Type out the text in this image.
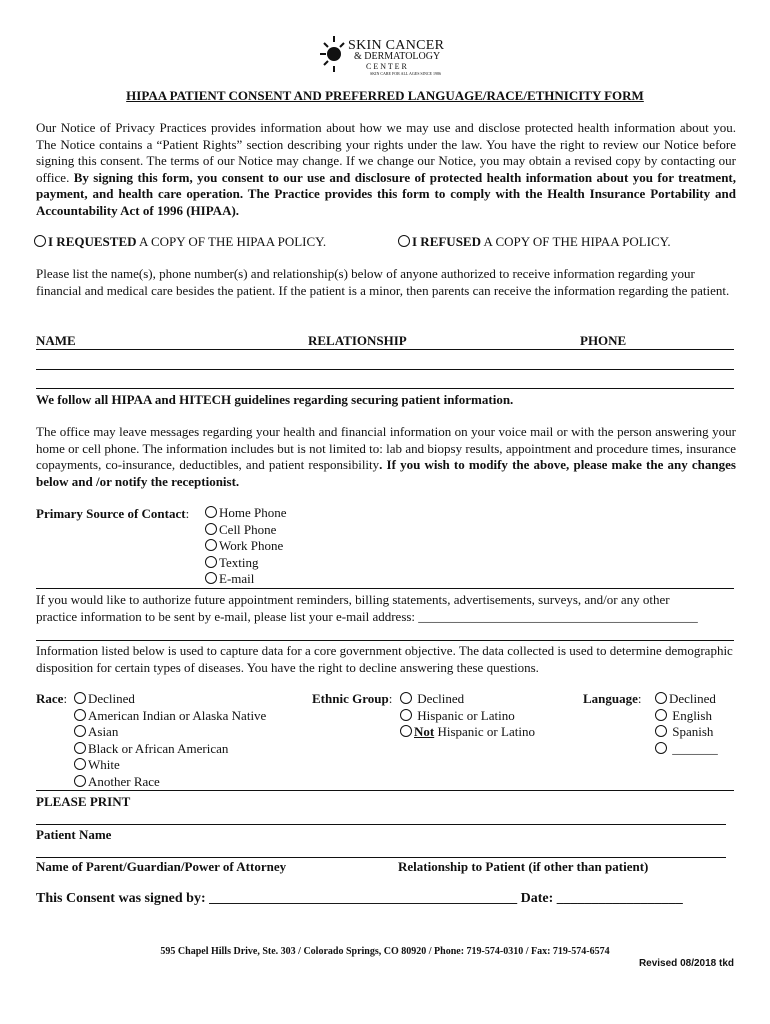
SKIN CANCER
& DERMATOLOGY
C E N T E R
SKIN CARE FOR ALL AGES SINCE 1986
HIPAA PATIENT CONSENT AND PREFERRED LANGUAGE/RACE/ETHNICITY FORM
Our Notice of Privacy Practices provides information about how we may use and disclose protected health information about you. The Notice contains a “Patient Rights” section describing your rights under the law. You have the right to review our Notice before signing this consent. The terms of our Notice may change. If we change our Notice, you may obtain a revised copy by contacting our office. By signing this form, you consent to our use and disclosure of protected health information about you for treatment, payment, and health care operation. The Practice provides this form to comply with the Health Insurance Portability and Accountability Act of 1996 (HIPAA).
I REQUESTED A COPY OF THE HIPAA POLICY.	I REFUSED A COPY OF THE HIPAA POLICY.
Please list the name(s), phone number(s) and relationship(s) below of anyone authorized to receive information regarding your financial and medical care besides the patient. If the patient is a minor, then parents can receive the information regarding the patient.
NAME	RELATIONSHIP	PHONE
We follow all HIPAA and HITECH guidelines regarding securing patient information.
The office may leave messages regarding your health and financial information on your voice mail or with the person answering your home or cell phone. The information includes but is not limited to: lab and biopsy results, appointment and procedure times, insurance copayments, co-insurance, deductibles, and patient responsibility. If you wish to modify the above, please make the any changes below and /or notify the receptionist.
Primary Source of Contact:	Home Phone
Cell Phone
Work Phone
Texting
E-mail
If you would like to authorize future appointment reminders, billing statements, advertisements, surveys, and/or any other
practice information to be sent by e-mail, please list your e-mail address: ___________________________________________
Information listed below is used to capture data for a core government objective. The data collected is used to determine demographic disposition for certain types of diseases. You have the right to decline answering these questions.
Race:	Declined
American Indian or Alaska Native
Asian
Black or African American
White
Another Race
Ethnic Group:	Declined
Hispanic or Latino
Not Hispanic or Latino
Language:	Declined
English
Spanish
_______
PLEASE PRINT
Patient Name
Name of Parent/Guardian/Power of Attorney	Relationship to Patient (if other than patient)
This Consent was signed by: ____________________________________________ Date: __________________
595 Chapel Hills Drive, Ste. 303 / Colorado Springs, CO 80920 / Phone: 719-574-0310 / Fax: 719-574-6574
Revised 08/2018 tkd
